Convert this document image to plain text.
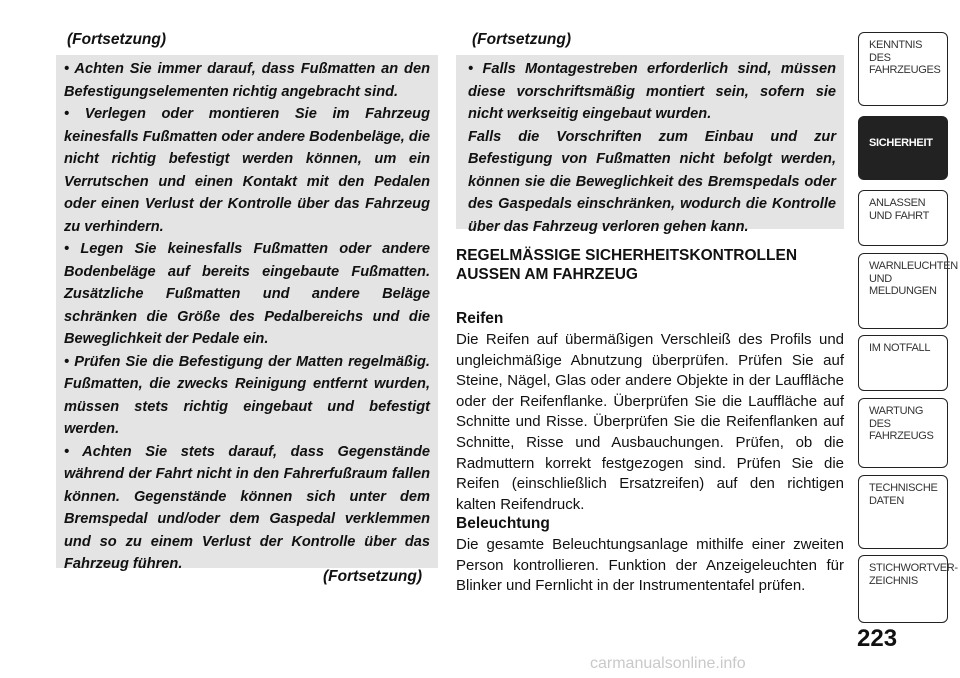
(Fortsetzung)	(Fortsetzung)

• Achten Sie immer darauf, dass Fußmatten an den Befestigungselementen richtig angebracht sind.

• Verlegen oder montieren Sie im Fahrzeug keinesfalls Fußmatten oder andere Bodenbeläge, die nicht richtig befestigt werden können, um ein Verrutschen und einen Kontakt mit den Pedalen oder einen Verlust der Kontrolle über das Fahrzeug zu verhindern.

• Legen Sie keinesfalls Fußmatten oder andere Bodenbeläge auf bereits eingebaute Fußmatten. Zusätzliche Fußmatten und andere Beläge schränken die Größe des Pedalbereichs und die Beweglichkeit der Pedale ein.

• Prüfen Sie die Befestigung der Matten regelmäßig. Fußmatten, die zwecks Reinigung entfernt wurden, müssen stets richtig eingebaut und befestigt werden.

• Achten Sie stets darauf, dass Gegenstände während der Fahrt nicht in den Fahrerfußraum fallen können. Gegenstände können sich unter dem Bremspedal und/oder dem Gaspedal verklemmen und so zu einem Verlust der Kontrolle über das Fahrzeug führen.

(Fortsetzung)

• Falls Montagestreben erforderlich sind, müssen diese vorschriftsmäßig montiert sein, sofern sie nicht werkseitig eingebaut wurden.

Falls die Vorschriften zum Einbau und zur Befestigung von Fußmatten nicht befolgt werden, können sie die Beweglichkeit des Bremspedals oder des Gaspedals einschränken, wodurch die Kontrolle über das Fahrzeug verloren gehen kann.

REGELMÄSSIGE SICHERHEITSKONTROLLEN AUSSEN AM FAHRZEUG
Reifen

Die Reifen auf übermäßigen Verschleiß des Profils und ungleichmäßige Abnutzung überprüfen. Prüfen Sie auf Steine, Nägel, Glas oder andere Objekte in der Lauffläche oder der Reifenflanke. Überprüfen Sie die Lauffläche auf Schnitte und Risse. Überprüfen Sie die Reifenflanken auf Schnitte, Risse und Ausbauchungen. Prüfen, ob die Radmuttern korrekt festgezogen sind. Prüfen Sie die Reifen (einschließlich Ersatzreifen) auf den richtigen kalten Reifendruck.

Beleuchtung

Die gesamte Beleuchtungsanlage mithilfe einer zweiten Person kontrollieren. Funktion der Anzeigeleuchten für Blinker und Fernlicht in der Instrumententafel prüfen.

KENNTNIS
DES
FAHRZEUGES
SICHERHEIT
ANLASSEN
UND FAHRT
WARNLEUCHTEN
UND
MELDUNGEN
IM NOTFALL
WARTUNG
DES
FAHRZEUGS
TECHNISCHE
DATEN
STICHWORTVER-
ZEICHNIS
223
carmanualsonline.info
